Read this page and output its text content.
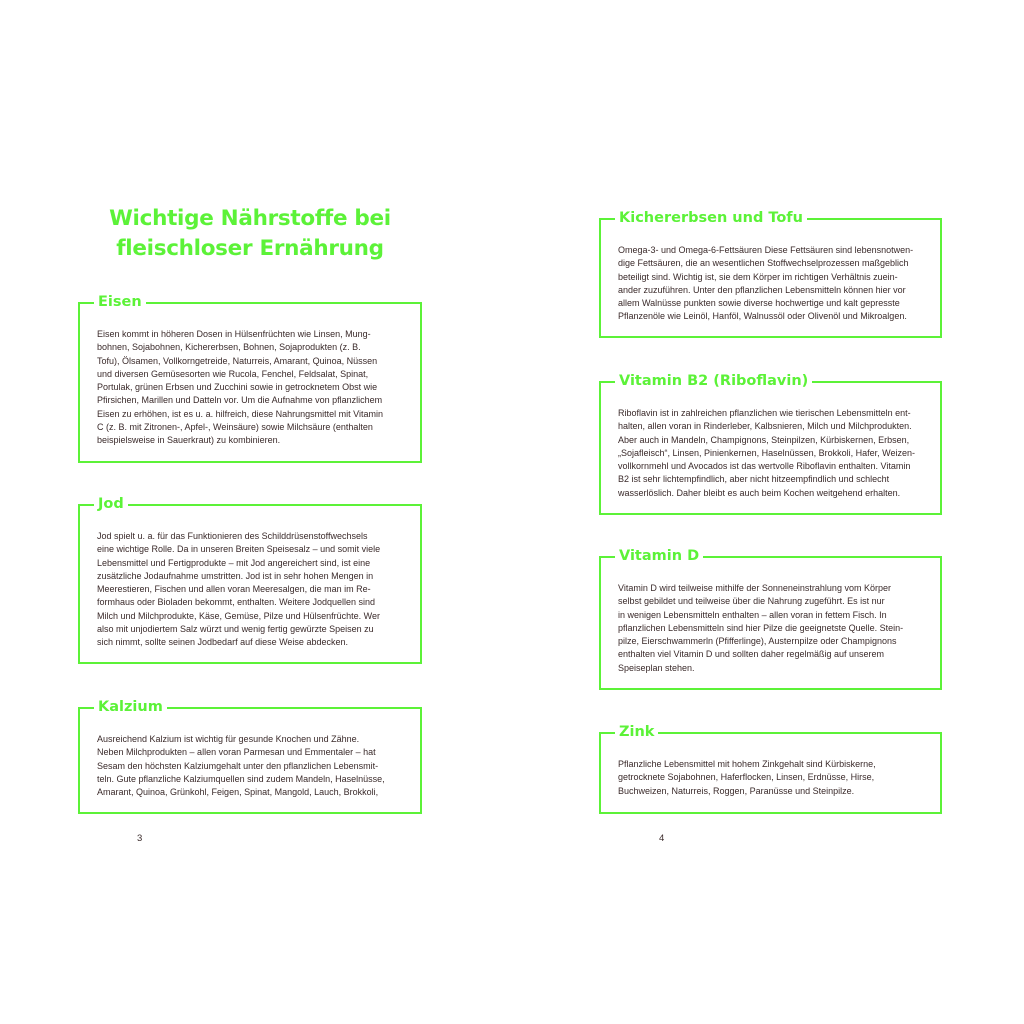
Wichtige Nährstoffe bei
fleischloser Ernährung
Eisen
Eisen kommt in höheren Dosen in Hülsenfrüchten wie Linsen, Mung-
bohnen, Sojabohnen, Kichererbsen, Bohnen, Sojaprodukten (z. B.
Tofu), Ölsamen, Vollkorngetreide, Naturreis, Amarant, Quinoa, Nüssen
und diversen Gemüsesorten wie Rucola, Fenchel, Feldsalat, Spinat,
Portulak, grünen Erbsen und Zucchini sowie in getrocknetem Obst wie
Pfirsichen, Marillen und Datteln vor. Um die Aufnahme von pflanzlichem
Eisen zu erhöhen, ist es u. a. hilfreich, diese Nahrungsmittel mit Vitamin
C (z. B. mit Zitronen-, Apfel-, Weinsäure) sowie Milchsäure (enthalten
beispielsweise in Sauerkraut) zu kombinieren.
Jod
Jod spielt u. a. für das Funktionieren des Schilddrüsenstoffwechsels
eine wichtige Rolle. Da in unseren Breiten Speisesalz – und somit viele
Lebensmittel und Fertigprodukte – mit Jod angereichert sind, ist eine
zusätzliche Jodaufnahme umstritten. Jod ist in sehr hohen Mengen in
Meerestieren, Fischen und allen voran Meeresalgen, die man im Re-
formhaus oder Bioladen bekommt, enthalten. Weitere Jodquellen sind
Milch und Milchprodukte, Käse, Gemüse, Pilze und Hülsenfrüchte. Wer
also mit unjodiertem Salz würzt und wenig fertig gewürzte Speisen zu
sich nimmt, sollte seinen Jodbedarf auf diese Weise abdecken.
Kalzium
Ausreichend Kalzium ist wichtig für gesunde Knochen und Zähne.
Neben Milchprodukten – allen voran Parmesan und Emmentaler – hat
Sesam den höchsten Kalziumgehalt unter den pflanzlichen Lebensmit-
teln. Gute pflanzliche Kalziumquellen sind zudem Mandeln, Haselnüsse,
Amarant, Quinoa, Grünkohl, Feigen, Spinat, Mangold, Lauch, Brokkoli,
3
Kichererbsen und Tofu
Omega-3- und Omega-6-Fettsäuren Diese Fettsäuren sind lebensnotwen-
dige Fettsäuren, die an wesentlichen Stoffwechselprozessen maßgeblich
beteiligt sind. Wichtig ist, sie dem Körper im richtigen Verhältnis zuein-
ander zuzuführen. Unter den pflanzlichen Lebensmitteln können hier vor
allem Walnüsse punkten sowie diverse hochwertige und kalt gepresste
Pflanzenöle wie Leinöl, Hanföl, Walnussöl oder Olivenöl und Mikroalgen.
Vitamin B2 (Riboflavin)
Riboflavin ist in zahlreichen pflanzlichen wie tierischen Lebensmitteln ent-
halten, allen voran in Rinderleber, Kalbsnieren, Milch und Milchprodukten.
Aber auch in Mandeln, Champignons, Steinpilzen, Kürbiskernen, Erbsen,
„Sojafleisch“, Linsen, Pinienkernen, Haselnüssen, Brokkoli, Hafer, Weizen-
vollkornmehl und Avocados ist das wertvolle Riboflavin enthalten. Vitamin
B2 ist sehr lichtempfindlich, aber nicht hitzeempfindlich und schlecht
wasserlöslich. Daher bleibt es auch beim Kochen weitgehend erhalten.
Vitamin D
Vitamin D wird teilweise mithilfe der Sonneneinstrahlung vom Körper
selbst gebildet und teilweise über die Nahrung zugeführt. Es ist nur
in wenigen Lebensmitteln enthalten – allen voran in fettem Fisch. In
pflanzlichen Lebensmitteln sind hier Pilze die geeignetste Quelle. Stein-
pilze, Eierschwammerln (Pfifferlinge), Austernpilze oder Champignons
enthalten viel Vitamin D und sollten daher regelmäßig auf unserem
Speiseplan stehen.
Zink
Pflanzliche Lebensmittel mit hohem Zinkgehalt sind Kürbiskerne,
getrocknete Sojabohnen, Haferflocken, Linsen, Erdnüsse, Hirse,
Buchweizen, Naturreis, Roggen, Paranüsse und Steinpilze.
4
